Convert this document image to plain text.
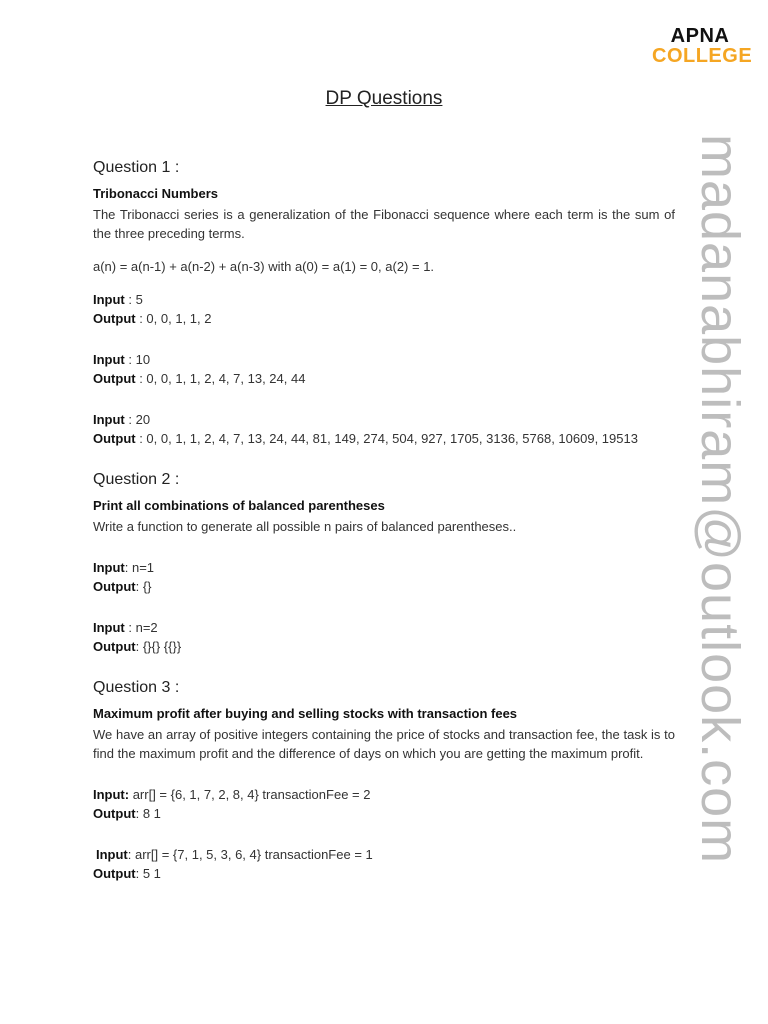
APNA
COLLEGE
DP Questions
madanabhiram@outlook.com
Question 1 :
Tribonacci Numbers

The Tribonacci series is a generalization of the Fibonacci sequence where each term is the sum of the three preceding terms.

a(n) = a(n-1) + a(n-2) + a(n-3) with a(0) = a(1) = 0, a(2) = 1.

Input : 5

Output : 0, 0, 1, 1, 2

Input : 10

Output : 0, 0, 1, 1, 2, 4, 7, 13, 24, 44

Input : 20

Output : 0, 0, 1, 1, 2, 4, 7, 13, 24, 44, 81, 149, 274, 504, 927, 1705, 3136, 5768, 10609, 19513

Question 2 :
Print all combinations of balanced parentheses

Write a function to generate all possible n pairs of balanced parentheses..

Input: n=1

Output: {}

Input : n=2

Output: {}{} {{}}

Question 3 :
Maximum profit after buying and selling stocks with transaction fees

We have an array of positive integers containing the price of stocks and transaction fee, the task is to find the maximum profit and the difference of days on which you are getting the maximum profit.

Input: arr[] = {6, 1, 7, 2, 8, 4} transactionFee = 2

Output: 8 1

Input: arr[] = {7, 1, 5, 3, 6, 4} transactionFee = 1

Output: 5 1
